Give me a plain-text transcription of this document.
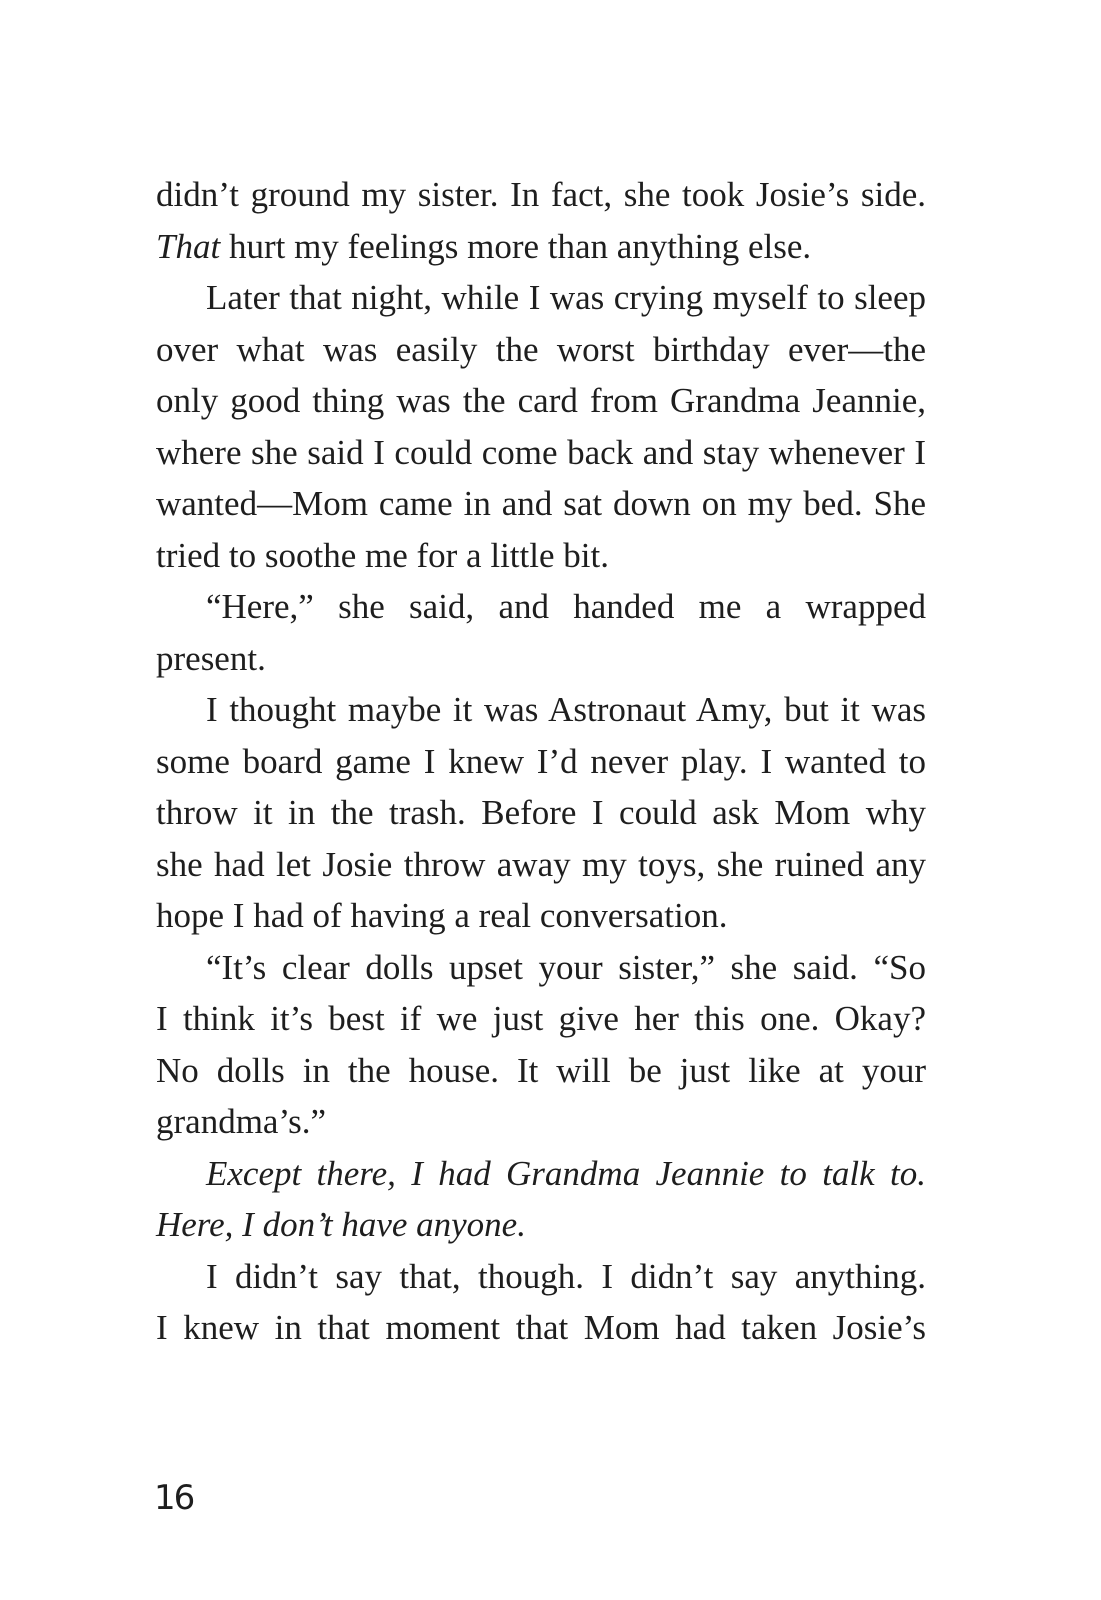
didn’t ground my sister. In fact, she took Josie’s side.
That hurt my feelings more than anything else.
Later that night, while I was crying myself to sleep
over what was easily the worst birthday ever—the
only good thing was the card from Grandma Jeannie,
where she said I could come back and stay whenever I
wanted—Mom came in and sat down on my bed. She
tried to soothe me for a little bit.
“Here,” she said, and handed me a wrapped
present.
I thought maybe it was Astronaut Amy, but it was
some board game I knew I’d never play. I wanted to
throw it in the trash. Before I could ask Mom why
she had let Josie throw away my toys, she ruined any
hope I had of having a real conversation.
“It’s clear dolls upset your sister,” she said. “So
I think it’s best if we just give her this one. Okay?
No dolls in the house. It will be just like at your
grandma’s.”
Except there, I had Grandma Jeannie to talk to.
Here, I don’t have anyone.
I didn’t say that, though. I didn’t say anything.
I knew in that moment that Mom had taken Josie’s
16
